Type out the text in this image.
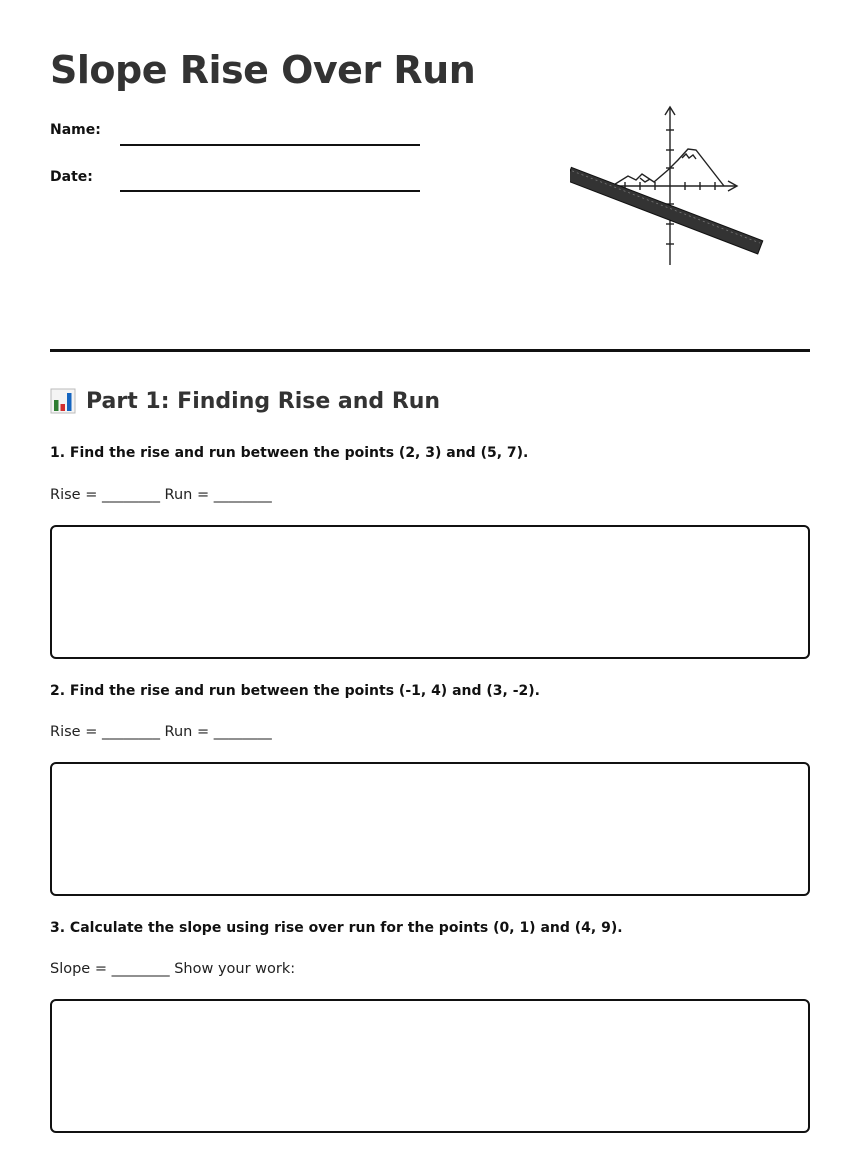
Slope Rise Over Run
Name:
Date:
Part 1: Finding Rise and Run
1. Find the rise and run between the points (2, 3) and (5, 7).
Rise = ________ Run = ________
2. Find the rise and run between the points (-1, 4) and (3, -2).
Rise = ________ Run = ________
3. Calculate the slope using rise over run for the points (0, 1) and (4, 9).
Slope = ________ Show your work:
